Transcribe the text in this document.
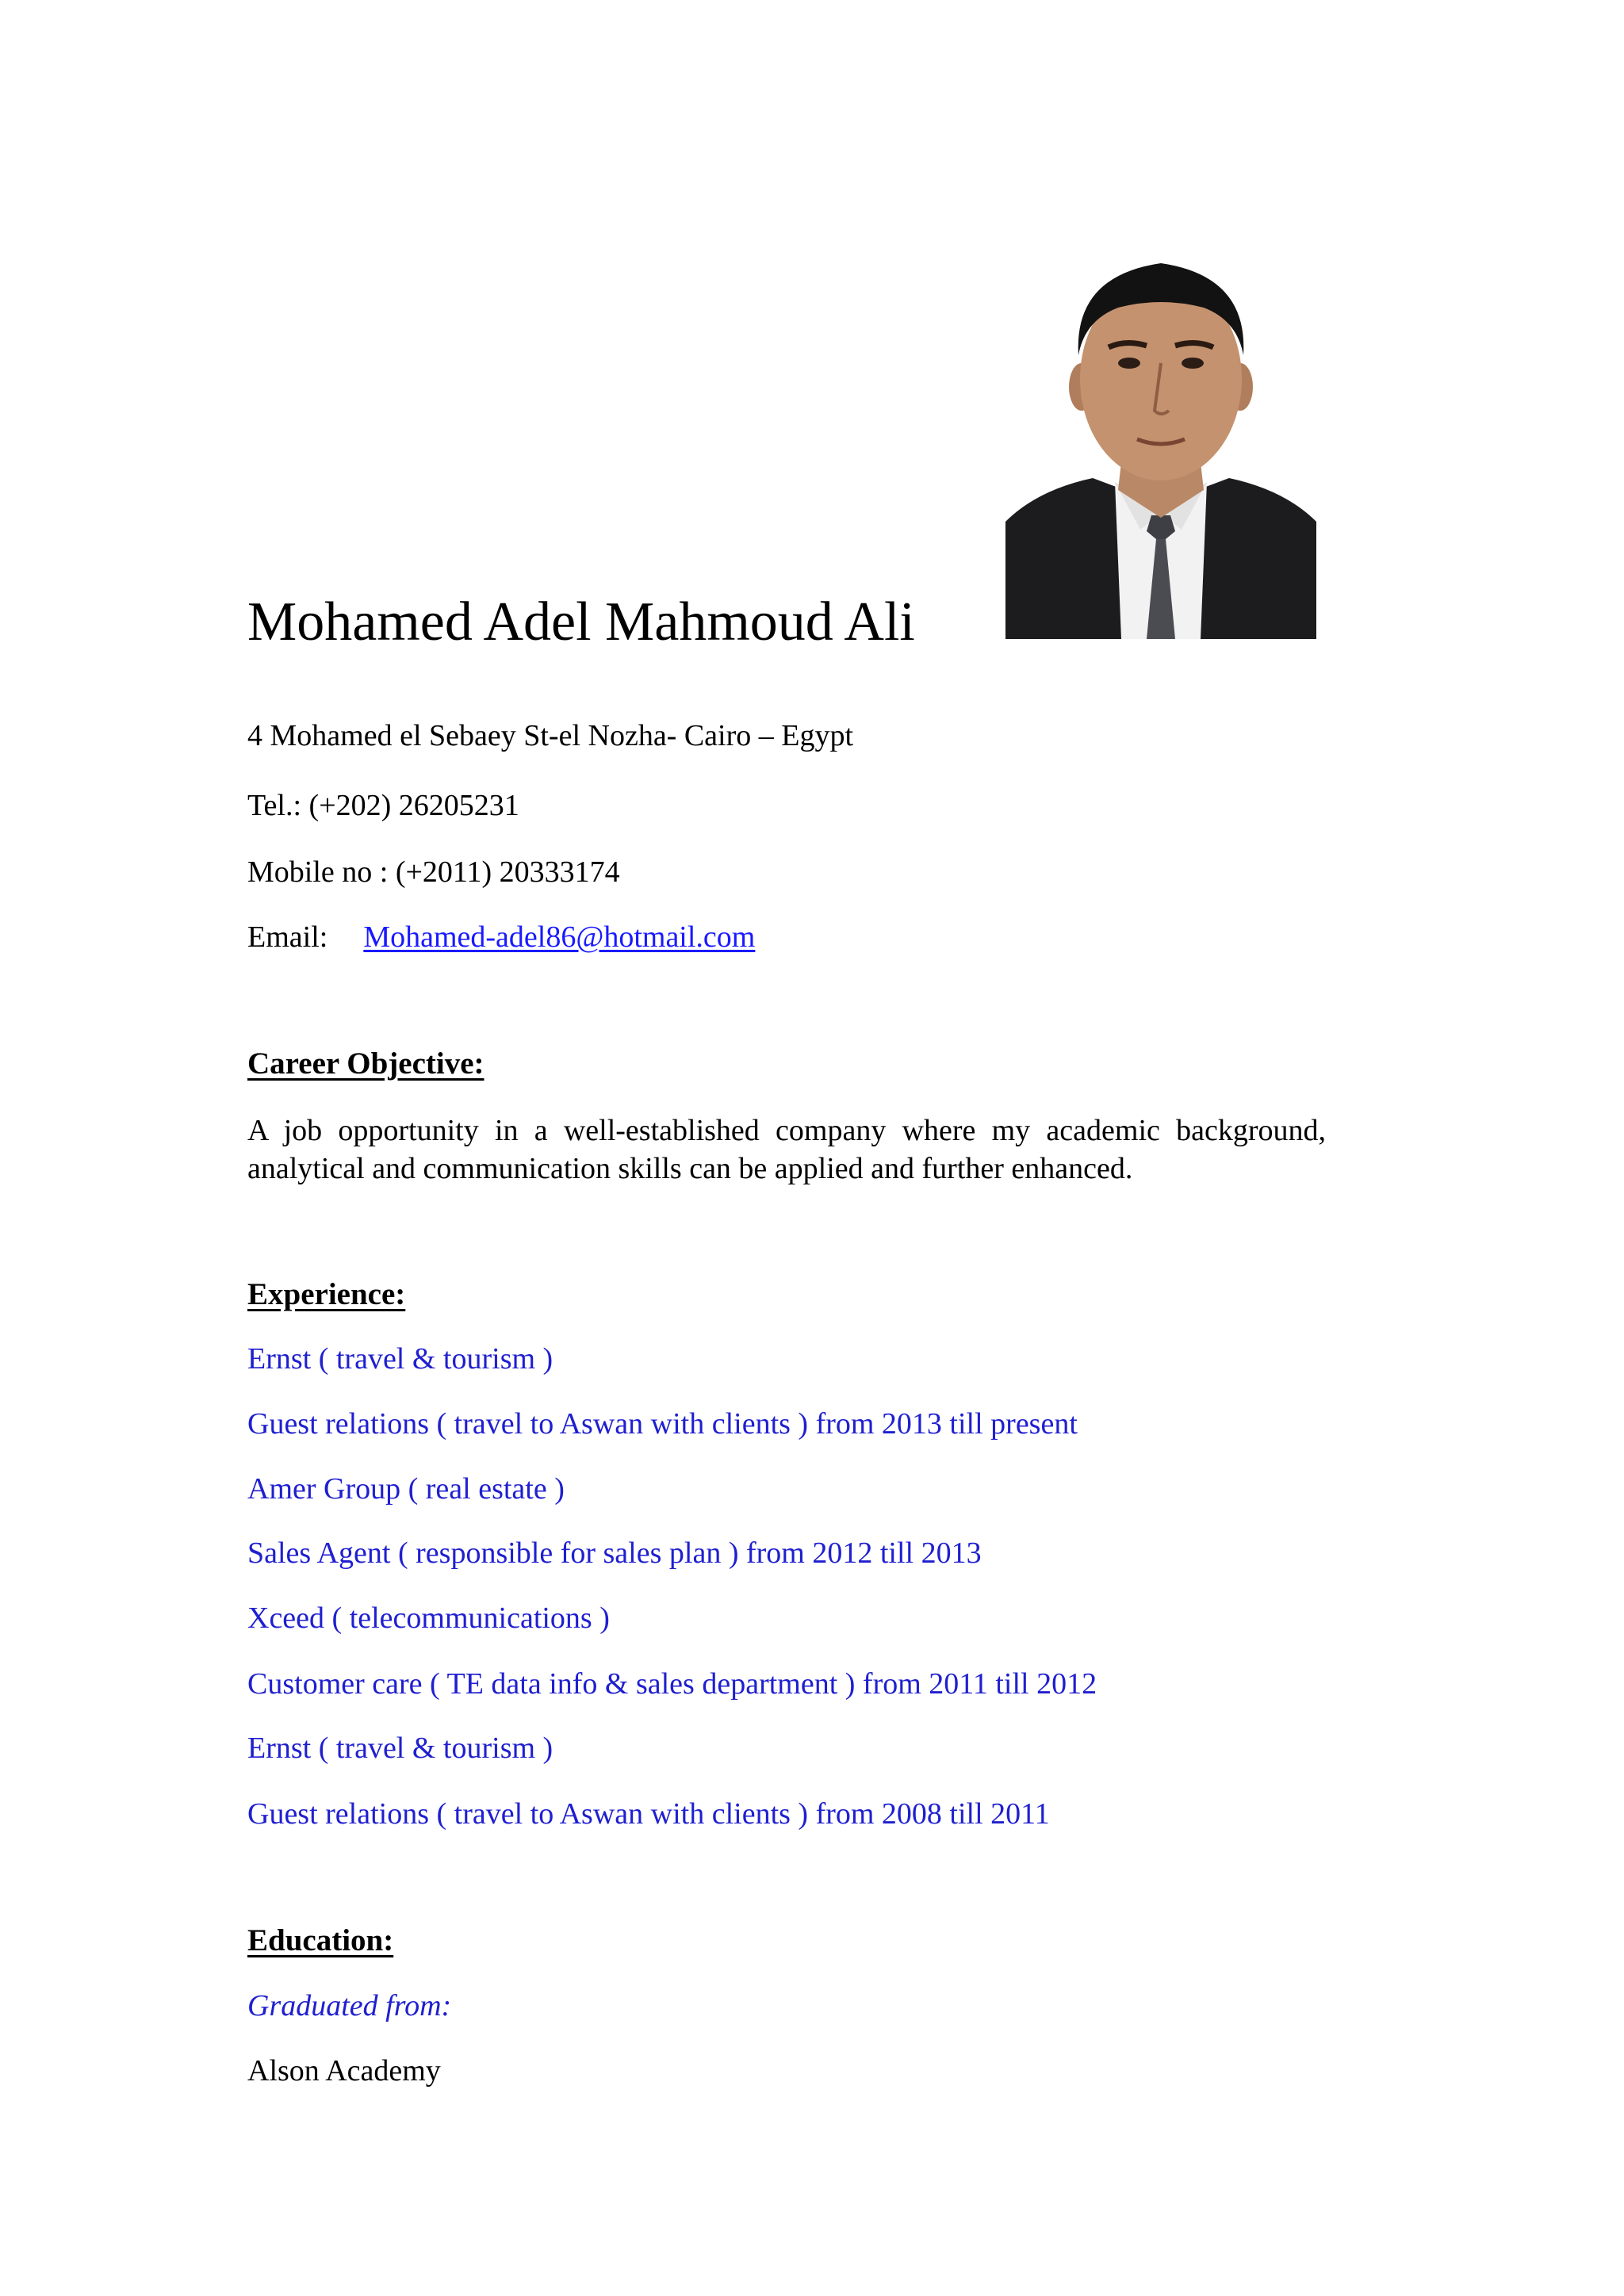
Mohamed Adel Mahmoud Ali
4 Mohamed el Sebaey St-el Nozha- Cairo – Egypt
Tel.: (+202) 26205231
Mobile no : (+2011) 20333174
Email: Mohamed-adel86@hotmail.com
Career Objective:
A job opportunity in a well-established company where my academic background, analytical and communication skills can be applied and further enhanced.
Experience:
Ernst ( travel & tourism )
Guest relations ( travel to Aswan with clients ) from 2013 till present
Amer Group ( real estate )
Sales Agent ( responsible for sales plan ) from 2012 till 2013
Xceed ( telecommunications )
Customer care ( TE data info & sales department ) from 2011 till 2012
Ernst ( travel & tourism )
Guest relations ( travel to Aswan with clients ) from 2008 till 2011
Education:
Graduated from:
Alson Academy
